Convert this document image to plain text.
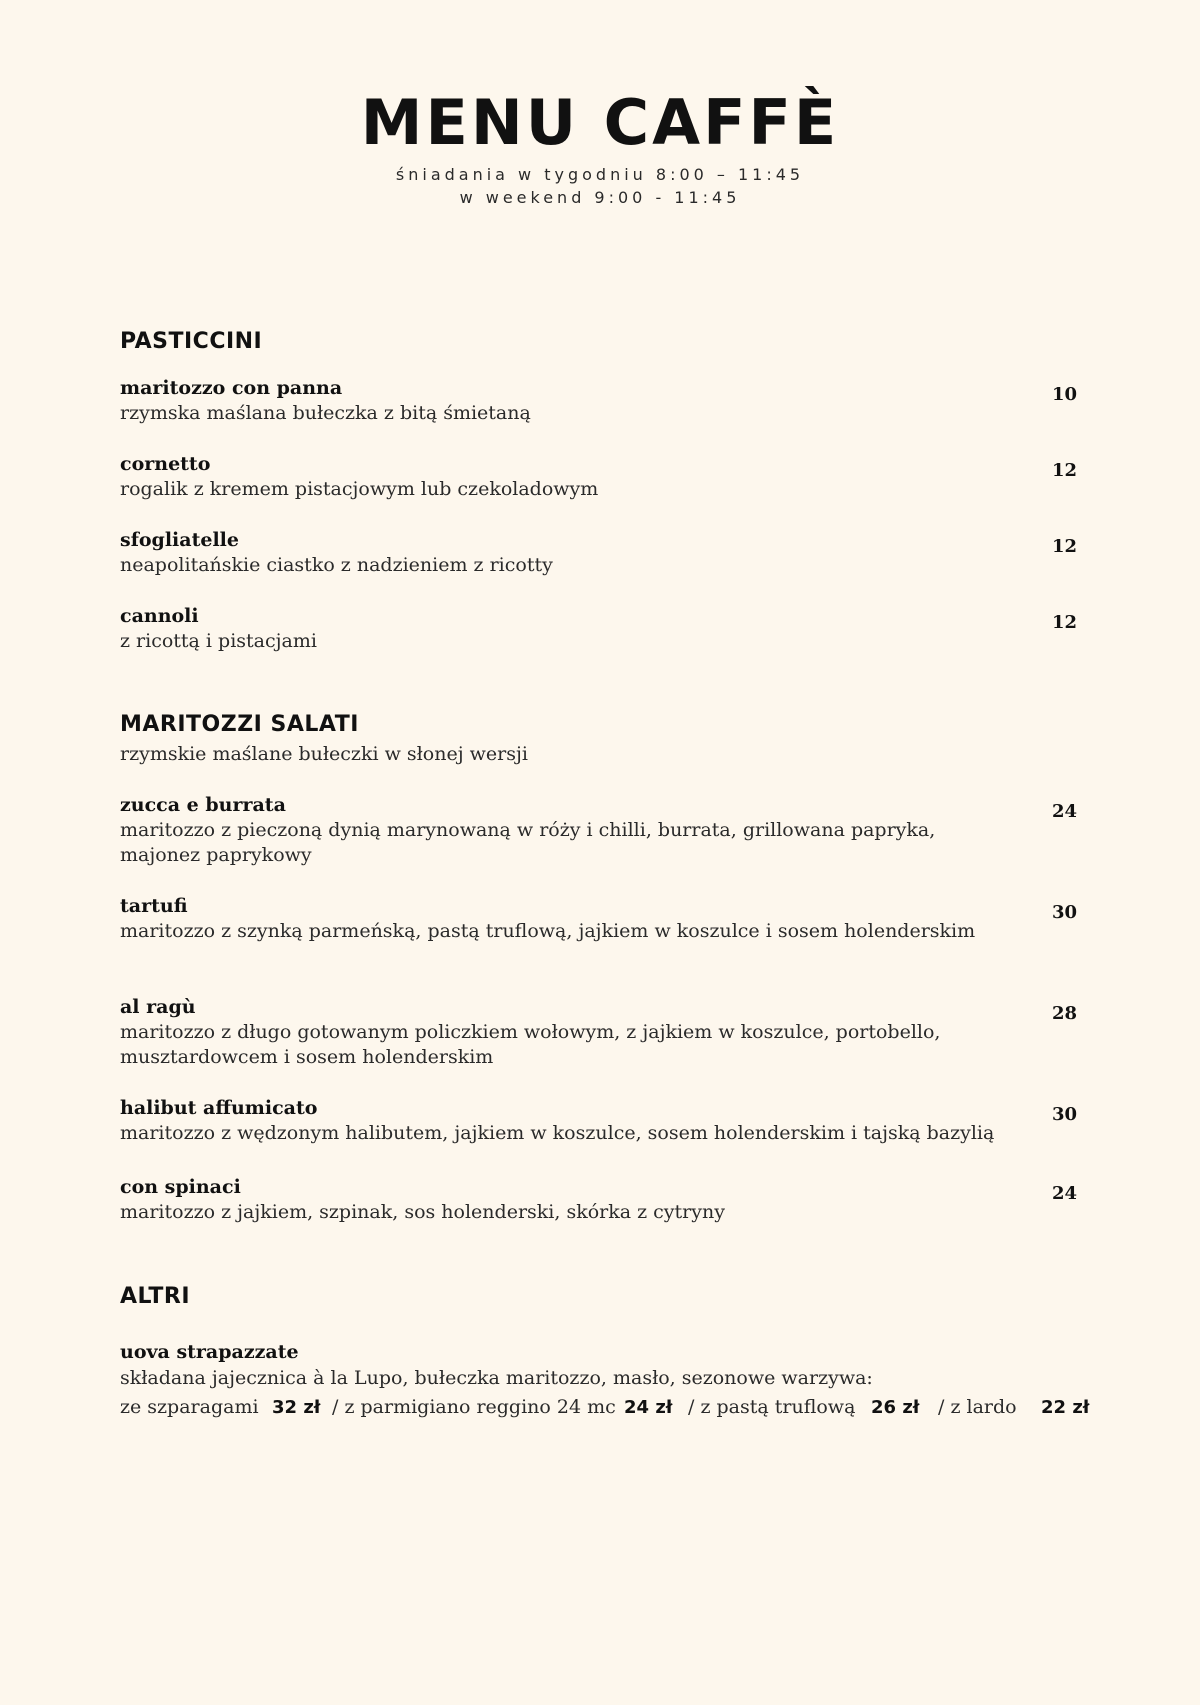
MENU CAFFÈ
śniadania w tygodniu 8:00 – 11:45
w weekend 9:00 - 11:45
PASTICCINI
maritozzo con panna
rzymska maślana bułeczka z bitą śmietaną
10
cornetto
rogalik z kremem pistacjowym lub czekoladowym
12
sfogliatelle
neapolitańskie ciastko z nadzieniem z ricotty
12
cannoli
z ricottą i pistacjami
12
MARITOZZI SALATI
rzymskie maślane bułeczki w słonej wersji
zucca e burrata
maritozzo z pieczoną dynią marynowaną w róży i chilli, burrata, grillowana papryka, majonez paprykowy
24
tartufi
maritozzo z szynką parmeńską, pastą truflową, jajkiem w koszulce i sosem holenderskim
30
al ragù
maritozzo z długo gotowanym policzkiem wołowym, z jajkiem w koszulce, portobello, musztardowcem i sosem holenderskim
28
halibut affumicato
maritozzo z wędzonym halibutem, jajkiem w koszulce, sosem holenderskim i tajską bazylią
30
con spinaci
maritozzo z jajkiem, szpinak, sos holenderski, skórka z cytryny
24
ALTRI
uova strapazzate
składana jajecznica à la Lupo, bułeczka maritozzo, masło, sezonowe warzywa:
ze szparagami 32 zł / z parmigiano reggino 24 mc 24 zł / z pastą truflową 26 zł / z lardo 22 zł
